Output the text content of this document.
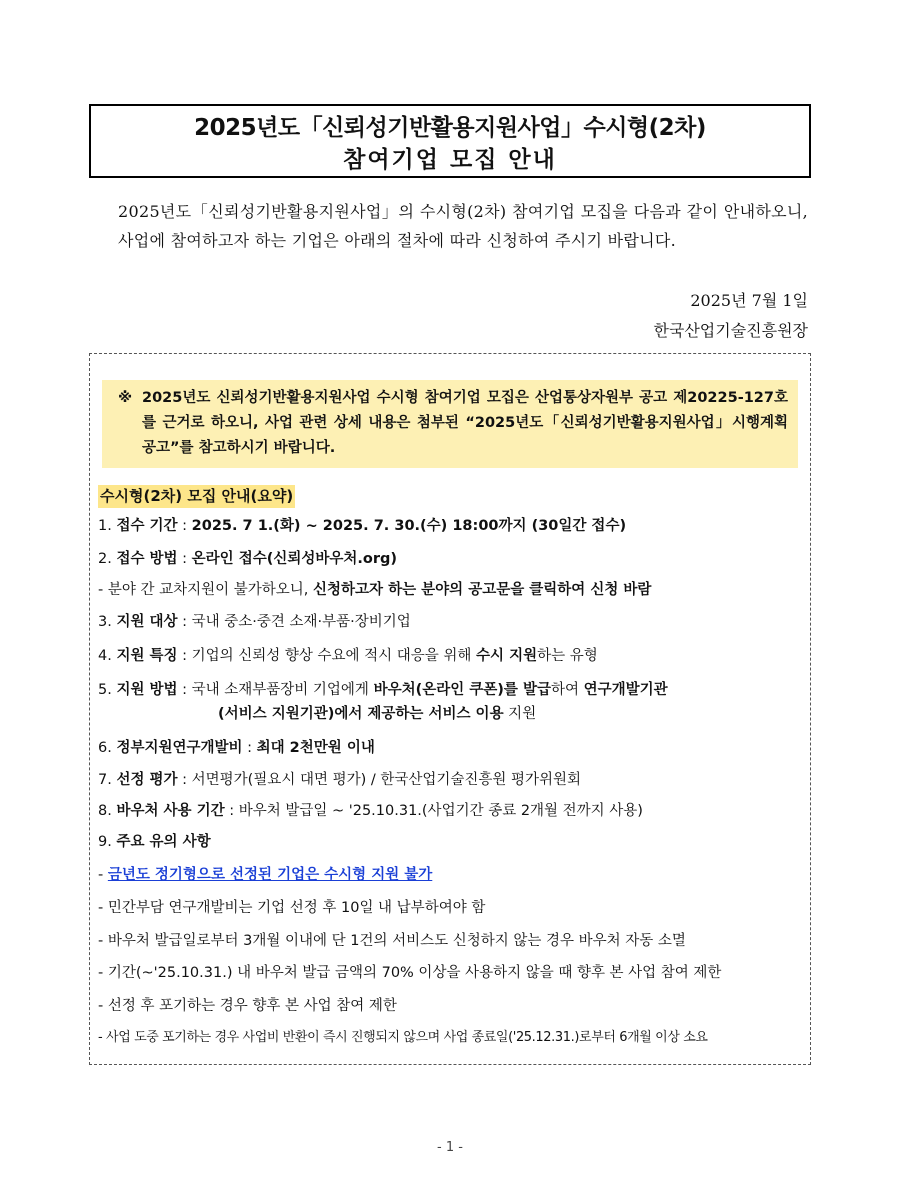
2025년도「신뢰성기반활용지원사업」수시형(2차)
참여기업 모집 안내
2025년도「신뢰성기반활용지원사업」의 수시형(2차) 참여기업 모집을 다음과 같이 안내하오니, 사업에 참여하고자 하는 기업은 아래의 절차에 따라 신청하여 주시기 바랍니다.
2025년 7월 1일
한국산업기술진흥원장
※ 2025년도 신뢰성기반활용지원사업 수시형 참여기업 모집은 산업통상자원부 공고 제20225-127호를 근거로 하오니, 사업 관련 상세 내용은 첨부된 “2025년도「신뢰성기반활용지원사업」시행계획 공고”를 참고하시기 바랍니다.
수시형(2차) 모집 안내(요약)
1. 접수 기간 : 2025. 7 1.(화) ~ 2025. 7. 30.(수) 18:00까지 (30일간 접수)
2. 접수 방법 : 온라인 접수(신뢰성바우처.org)
- 분야 간 교차지원이 불가하오니, 신청하고자 하는 분야의 공고문을 클릭하여 신청 바람
3. 지원 대상 : 국내 중소·중견 소재·부품·장비기업
4. 지원 특징 : 기업의 신뢰성 향상 수요에 적시 대응을 위해 수시 지원하는 유형
5. 지원 방법 : 국내 소재부품장비 기업에게 바우처(온라인 쿠폰)를 발급하여 연구개발기관
(서비스 지원기관)에서 제공하는 서비스 이용 지원
6. 정부지원연구개발비 : 최대 2천만원 이내
7. 선정 평가 : 서면평가(필요시 대면 평가) / 한국산업기술진흥원 평가위원회
8. 바우처 사용 기간 : 바우처 발급일 ~ '25.10.31.(사업기간 종료 2개월 전까지 사용)
9. 주요 유의 사항
- 금년도 정기형으로 선정된 기업은 수시형 지원 불가
- 민간부담 연구개발비는 기업 선정 후 10일 내 납부하여야 함
- 바우처 발급일로부터 3개월 이내에 단 1건의 서비스도 신청하지 않는 경우 바우처 자동 소멸
- 기간(~'25.10.31.) 내 바우처 발급 금액의 70% 이상을 사용하지 않을 때 향후 본 사업 참여 제한
- 선정 후 포기하는 경우 향후 본 사업 참여 제한
- 사업 도중 포기하는 경우 사업비 반환이 즉시 진행되지 않으며 사업 종료일('25.12.31.)로부터 6개월 이상 소요
- 1 -
